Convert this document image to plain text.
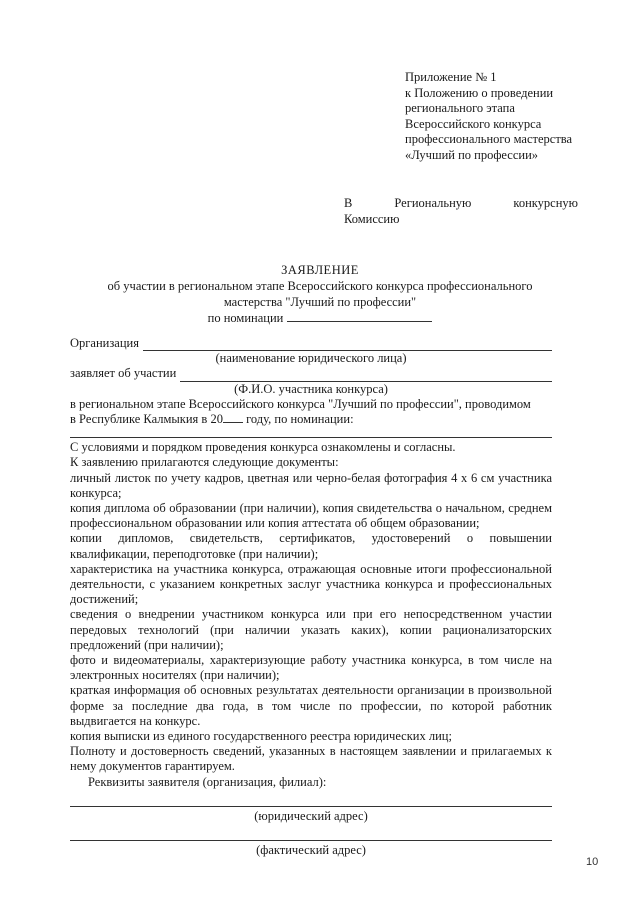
Приложение № 1
к Положению о проведении
регионального этапа
Всероссийского конкурса
профессионального мастерства
«Лучший по профессии»
В	Региональную	конкурсную
Комиссию
ЗАЯВЛЕНИЕ
об участии в региональном этапе Всероссийского конкурса профессионального
мастерства "Лучший по профессии"
по номинации
Организация
(наименование юридического лица)
заявляет об участии
(Ф.И.О. участника конкурса)
в региональном этапе Всероссийского конкурса "Лучший по профессии", проводимом
в Республике Калмыкия в 20 году, по номинации:
С условиями и порядком проведения конкурса ознакомлены и согласны.
К заявлению прилагаются следующие документы:
личный листок по учету кадров, цветная или черно-белая фотография 4 х 6 см участника конкурса;
копия диплома об образовании (при наличии), копия свидетельства о начальном, среднем профессиональном образовании или копия аттестата об общем образовании;
копии дипломов, свидетельств, сертификатов, удостоверений о повышении квалификации, переподготовке (при наличии);
характеристика на участника конкурса, отражающая основные итоги профессиональной деятельности, с указанием конкретных заслуг участника конкурса и профессиональных достижений;
сведения о внедрении участником конкурса или при его непосредственном участии передовых технологий (при наличии указать каких), копии рационализаторских предложений (при наличии);
фото и видеоматериалы, характеризующие работу участника конкурса, в том числе на электронных носителях (при наличии);
краткая информация об основных результатах деятельности организации в произвольной форме за последние два года, в том числе по профессии, по которой работник выдвигается на конкурс.
копия выписки из единого государственного реестра юридических лиц;
Полноту и достоверность сведений, указанных в настоящем заявлении и прилагаемых к нему документов гарантируем.
Реквизиты заявителя (организация, филиал):
(юридический адрес)
(фактический адрес)
10
